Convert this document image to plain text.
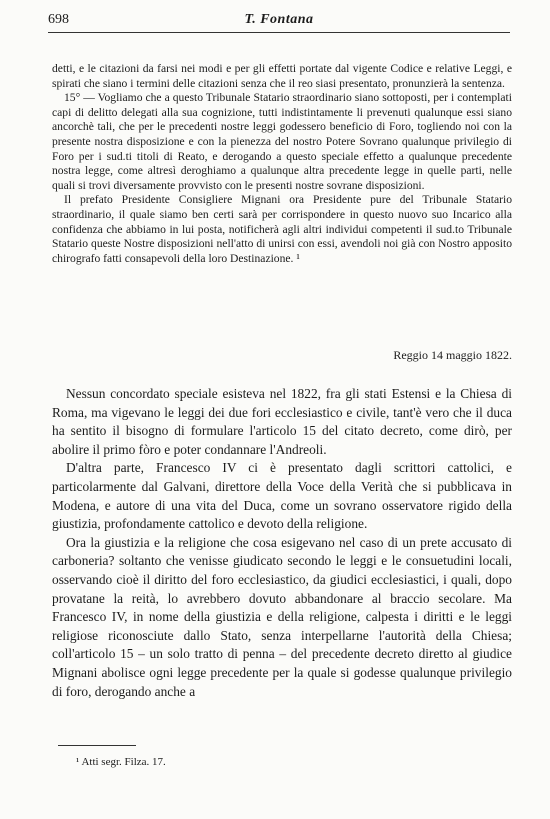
698	T. Fontana

detti, e le citazioni da farsi nei modi e per gli effetti portate dal vigente Codice e relative Leggi, e spirati che siano i termini delle citazioni senza che il reo siasi presentato, pronunzierà la sentenza.

15° — Vogliamo che a questo Tribunale Statario straordinario siano sottoposti, per i contemplati capi di delitto delegati alla sua cognizione, tutti indistintamente li prevenuti qualunque essi siano ancorchè tali, che per le precedenti nostre leggi godessero beneficio di Foro, togliendo noi con la presente nostra disposizione e con la pienezza del nostro Potere Sovrano qualunque privilegio di Foro per i sud.ti titoli di Reato, e derogando a questo speciale effetto a qualunque precedente nostra legge, come altresì deroghiamo a qualunque altra precedente legge in quelle parti, nelle quali si trovi diversamente provvisto con le presenti nostre sovrane disposizioni.

Il prefato Presidente Consigliere Mignani ora Presidente pure del Tribunale Statario straordinario, il quale siamo ben certi sarà per corrispondere in questo nuovo suo Incarico alla confidenza che abbiamo in lui posta, notificherà agli altri individui competenti il sud.to Tribunale Statario queste Nostre disposizioni nell'atto di unirsi con essi, avendoli noi già con Nostro apposito chirografo fatti consapevoli della loro Destinazione. ¹

Reggio 14 maggio 1822.

Nessun concordato speciale esisteva nel 1822, fra gli stati Estensi e la Chiesa di Roma, ma vigevano le leggi dei due fori ecclesiastico e civile, tant'è vero che il duca ha sentito il bisogno di formulare l'articolo 15 del citato decreto, come dirò, per abolire il primo fòro e poter condannare l'Andreoli.

D'altra parte, Francesco IV ci è presentato dagli scrittori cattolici, e particolarmente dal Galvani, direttore della Voce della Verità che si pubblicava in Modena, e autore di una vita del Duca, come un sovrano osservatore rigido della giustizia, profondamente cattolico e devoto della religione.

Ora la giustizia e la religione che cosa esigevano nel caso di un prete accusato di carboneria? soltanto che venisse giudicato secondo le leggi e le consuetudini locali, osservando cioè il diritto del foro ecclesiastico, da giudici ecclesiastici, i quali, dopo provatane la reità, lo avrebbero dovuto abbandonare al braccio secolare. Ma Francesco IV, in nome della giustizia e della religione, calpesta i diritti e le leggi religiose riconosciute dallo Stato, senza interpellarne l'autorità della Chiesa; coll'articolo 15 – un solo tratto di penna – del precedente decreto diretto al giudice Mignani abolisce ogni legge precedente per la quale si godesse qualunque privilegio di foro, derogando anche a

¹ Atti segr. Filza. 17.
